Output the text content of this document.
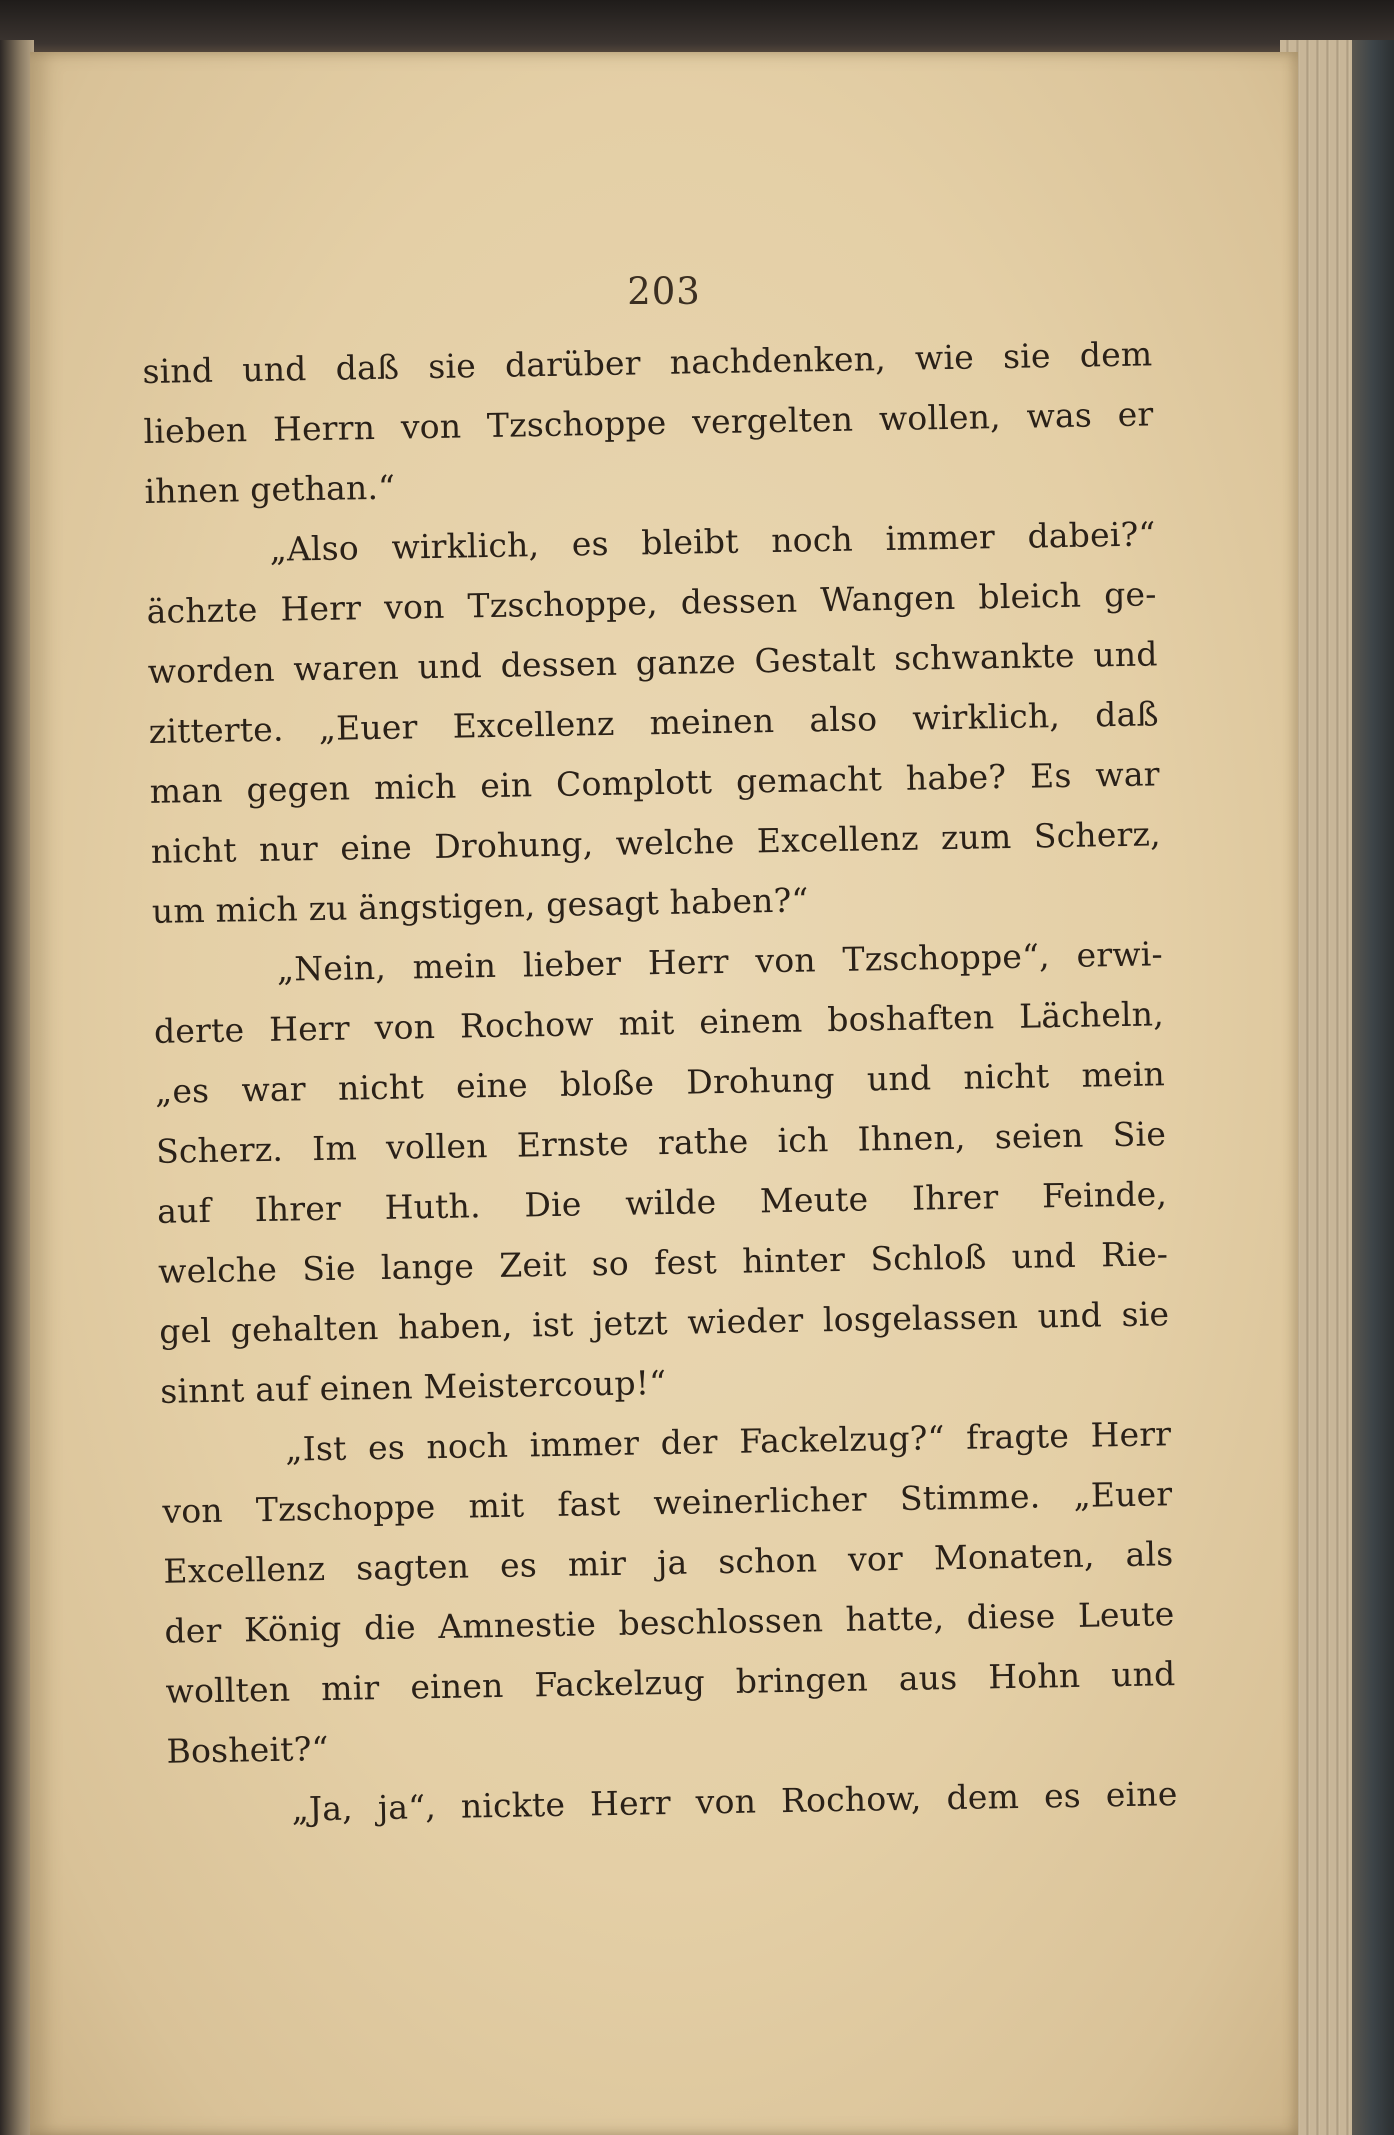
203
sind und daß sie darüber nachdenken, wie sie dem
lieben Herrn von Tzschoppe vergelten wollen, was er
ihnen gethan.“
„Also wirklich, es bleibt noch immer dabei?“
ächzte Herr von Tzschoppe, dessen Wangen bleich ge-
worden waren und dessen ganze Gestalt schwankte und
zitterte. „Euer Excellenz meinen also wirklich, daß
man gegen mich ein Complott gemacht habe? Es war
nicht nur eine Drohung, welche Excellenz zum Scherz,
um mich zu ängstigen, gesagt haben?“
„Nein, mein lieber Herr von Tzschoppe“, erwi-
derte Herr von Rochow mit einem boshaften Lächeln,
„es war nicht eine bloße Drohung und nicht mein
Scherz. Im vollen Ernste rathe ich Ihnen, seien Sie
auf Ihrer Huth. Die wilde Meute Ihrer Feinde,
welche Sie lange Zeit so fest hinter Schloß und Rie-
gel gehalten haben, ist jetzt wieder losgelassen und sie
sinnt auf einen Meistercoup!“
„Ist es noch immer der Fackelzug?“ fragte Herr
von Tzschoppe mit fast weinerlicher Stimme. „Euer
Excellenz sagten es mir ja schon vor Monaten, als
der König die Amnestie beschlossen hatte, diese Leute
wollten mir einen Fackelzug bringen aus Hohn und
Bosheit?“
„Ja, ja“, nickte Herr von Rochow, dem es eine
